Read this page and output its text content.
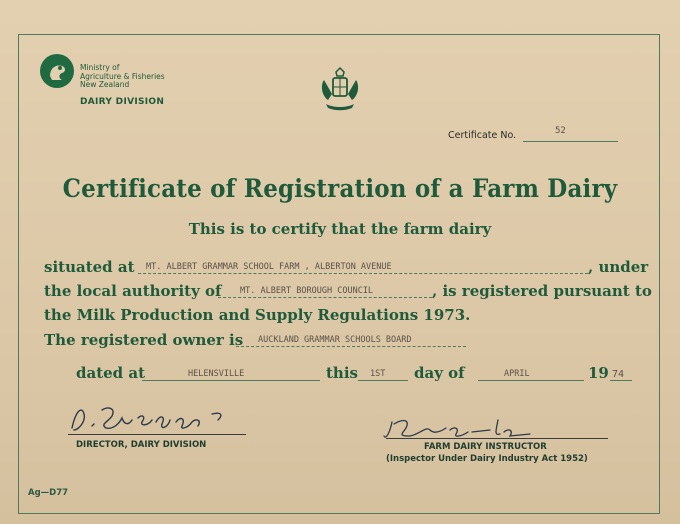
Ministry of
Agriculture & Fisheries
New Zealand
DAIRY DIVISION
Certificate No.	52
Certificate of Registration of a Farm Dairy
This is to certify that the farm dairy
situated at MT. ALBERT GRAMMAR SCHOOL FARM , ALBERTON AVENUE	, under
the local authority of MT. ALBERT BOROUGH COUNCIL	, is registered pursuant to
the Milk Production and Supply Regulations 1973.
The registered owner is AUCKLAND GRAMMAR SCHOOLS BOARD
dated at	HELENSVILLE	this 1ST day of	APRIL	19 74
DIRECTOR, DAIRY DIVISION	FARM DAIRY INSTRUCTOR
(Inspector Under Dairy Industry Act 1952)
Ag—D77
